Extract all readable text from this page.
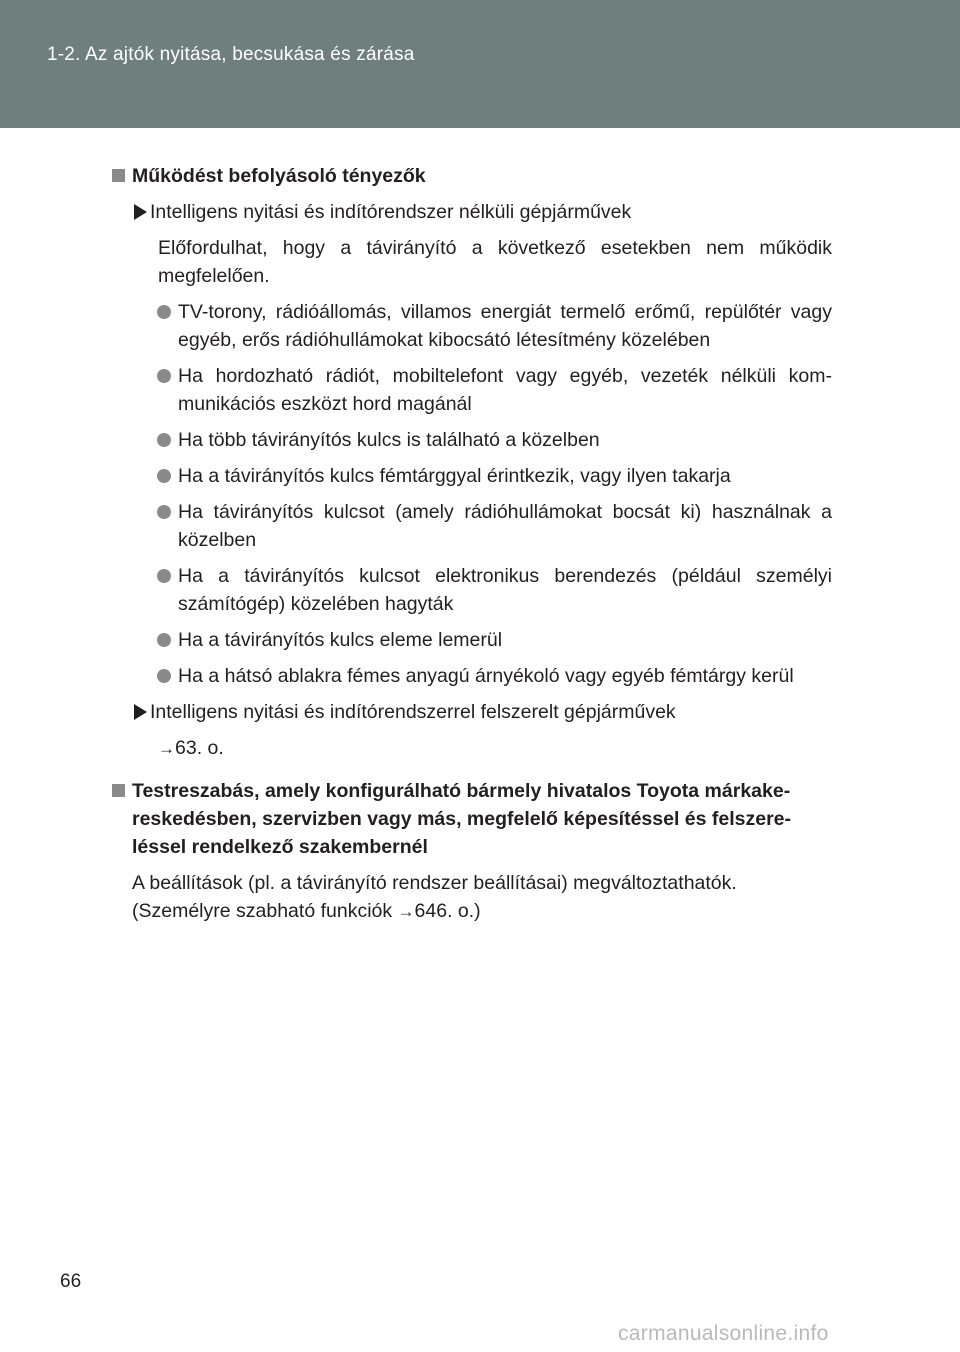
1-2. Az ajtók nyitása, becsukása és zárása
Működést befolyásoló tényezők
Intelligens nyitási és indítórendszer nélküli gépjárművek
Előfordulhat, hogy a távirányító a következő esetekben nem működik megfelelően.
TV-torony, rádióállomás, villamos energiát termelő erőmű, repülőtér vagy egyéb, erős rádióhullámokat kibocsátó létesítmény közelében
Ha hordozható rádiót, mobiltelefont vagy egyéb, vezeték nélküli kom-munikációs eszközt hord magánál
Ha több távirányítós kulcs is található a közelben
Ha a távirányítós kulcs fémtárggyal érintkezik, vagy ilyen takarja
Ha távirányítós kulcsot (amely rádióhullámokat bocsát ki) használnak a közelben
Ha a távirányítós kulcsot elektronikus berendezés (például személyi számítógép) közelében hagyták
Ha a távirányítós kulcs eleme lemerül
Ha a hátsó ablakra fémes anyagú árnyékoló vagy egyéb fémtárgy kerül
Intelligens nyitási és indítórendszerrel felszerelt gépjárművek
→63. o.
Testreszabás, amely konfigurálható bármely hivatalos Toyota márkake-reskedésben, szervizben vagy más, megfelelő képesítéssel és felszere-léssel rendelkező szakembernél
A beállítások (pl. a távirányító rendszer beállításai) megváltoztathatók.
(Személyre szabható funkciók →646. o.)
66
carmanualsonline.info
